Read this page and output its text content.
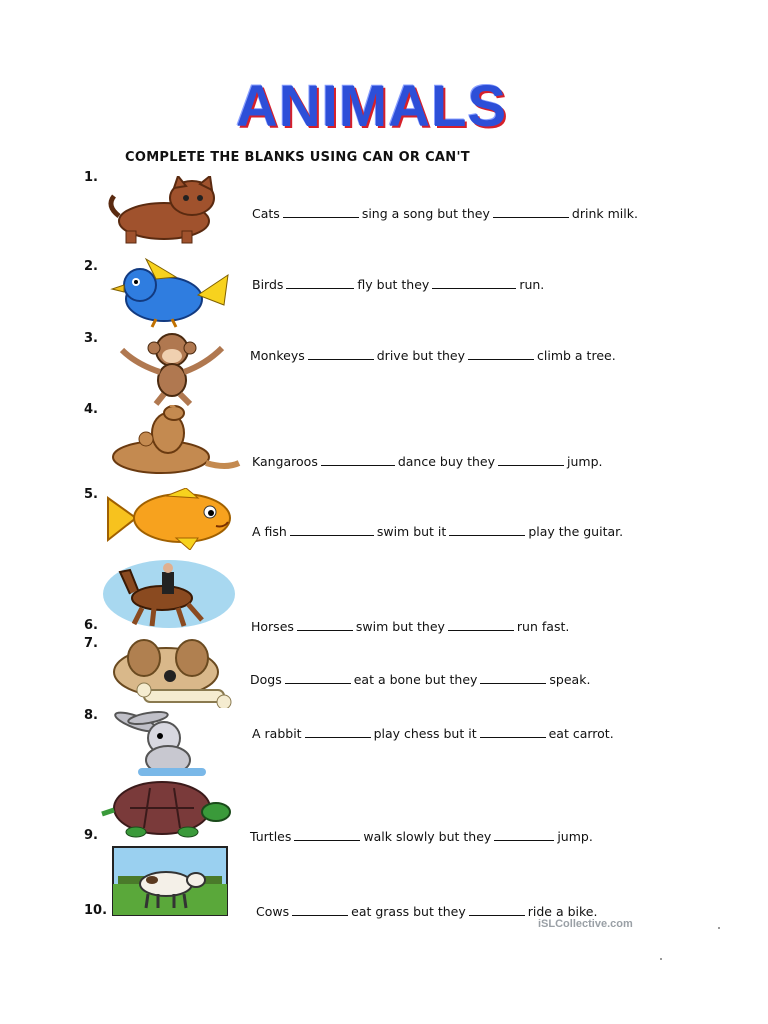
ANIMALS
COMPLETE THE BLANKS USING CAN OR CAN'T
1.
2.
3.
4.
5.
6.
7.
8.
9.
10.
Cats	sing a song but they	drink milk.
Birds	fly but they	run.
Monkeys	drive but they	climb a tree.
Kangaroos	dance buy they	jump.
A fish	swim but it	play the guitar.
Horses	swim but they	run fast.
Dogs	eat a bone but they	speak.
A rabbit	play chess but it	eat carrot.
Turtles	walk slowly but they	jump.
Cows	eat grass but they	ride a bike.
iSLCollective.com
